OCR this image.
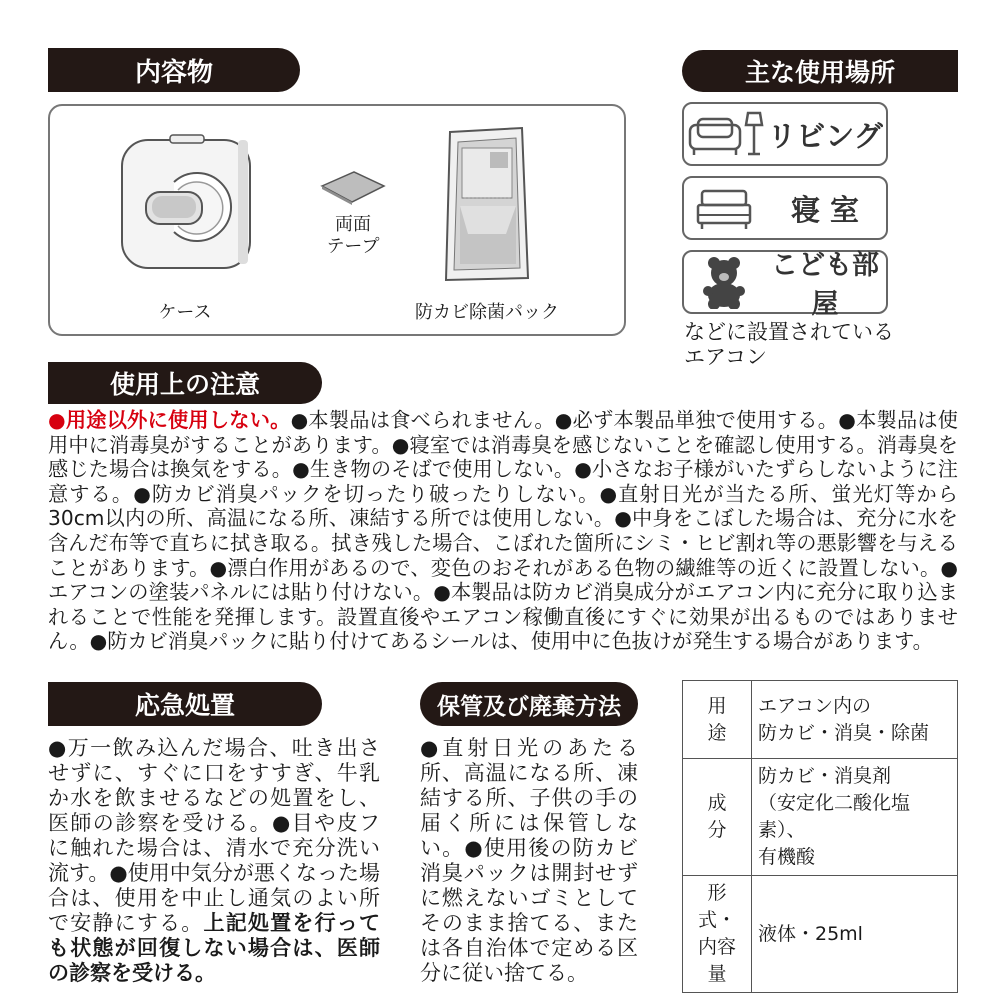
内容物
ケース
両面
テープ
防カビ除菌パック
主な使用場所
リビング
寝 室
こども部屋
などに設置されている
エアコン
使用上の注意
●用途以外に使用しない。●本製品は食べられません。●必ず本製品単独で使用する。●本製品は使用中に消毒臭がすることがあります。●寝室では消毒臭を感じないことを確認し使用する。消毒臭を感じた場合は換気をする。●生き物のそばで使用しない。●小さなお子様がいたずらしないように注意する。●防カビ消臭パックを切ったり破ったりしない。●直射日光が当たる所、蛍光灯等から30cm以内の所、高温になる所、凍結する所では使用しない。●中身をこぼした場合は、充分に水を含んだ布等で直ちに拭き取る。拭き残した場合、こぼれた箇所にシミ・ヒビ割れ等の悪影響を与えることがあります。●漂白作用があるので、変色のおそれがある色物の繊維等の近くに設置しない。●エアコンの塗装パネルには貼り付けない。●本製品は防カビ消臭成分がエアコン内に充分に取り込まれることで性能を発揮します。設置直後やエアコン稼働直後にすぐに効果が出るものではありません。●防カビ消臭パックに貼り付けてあるシールは、使用中に色抜けが発生する場合があります。
応急処置
●万一飲み込んだ場合、吐き出させずに、すぐに口をすすぎ、牛乳か水を飲ませるなどの処置をし、医師の診察を受ける。●目や皮フに触れた場合は、清水で充分洗い流す。●使用中気分が悪くなった場合は、使用を中止し通気のよい所で安静にする。上記処置を行っても状態が回復しない場合は、医師の診察を受ける。
保管及び廃棄方法
●直射日光のあたる所、高温になる所、凍結する所、子供の手の届く所には保管しない。●使用後の防カビ消臭パックは開封せずに燃えないゴミとしてそのまま捨てる、または各自治体で定める区分に従い捨てる。
用　途	エアコン内の
防カビ・消臭・除菌

成　分	防カビ・消臭剤
（安定化二酸化塩素）、
有機酸

形式・
内容量	液体・25ml
